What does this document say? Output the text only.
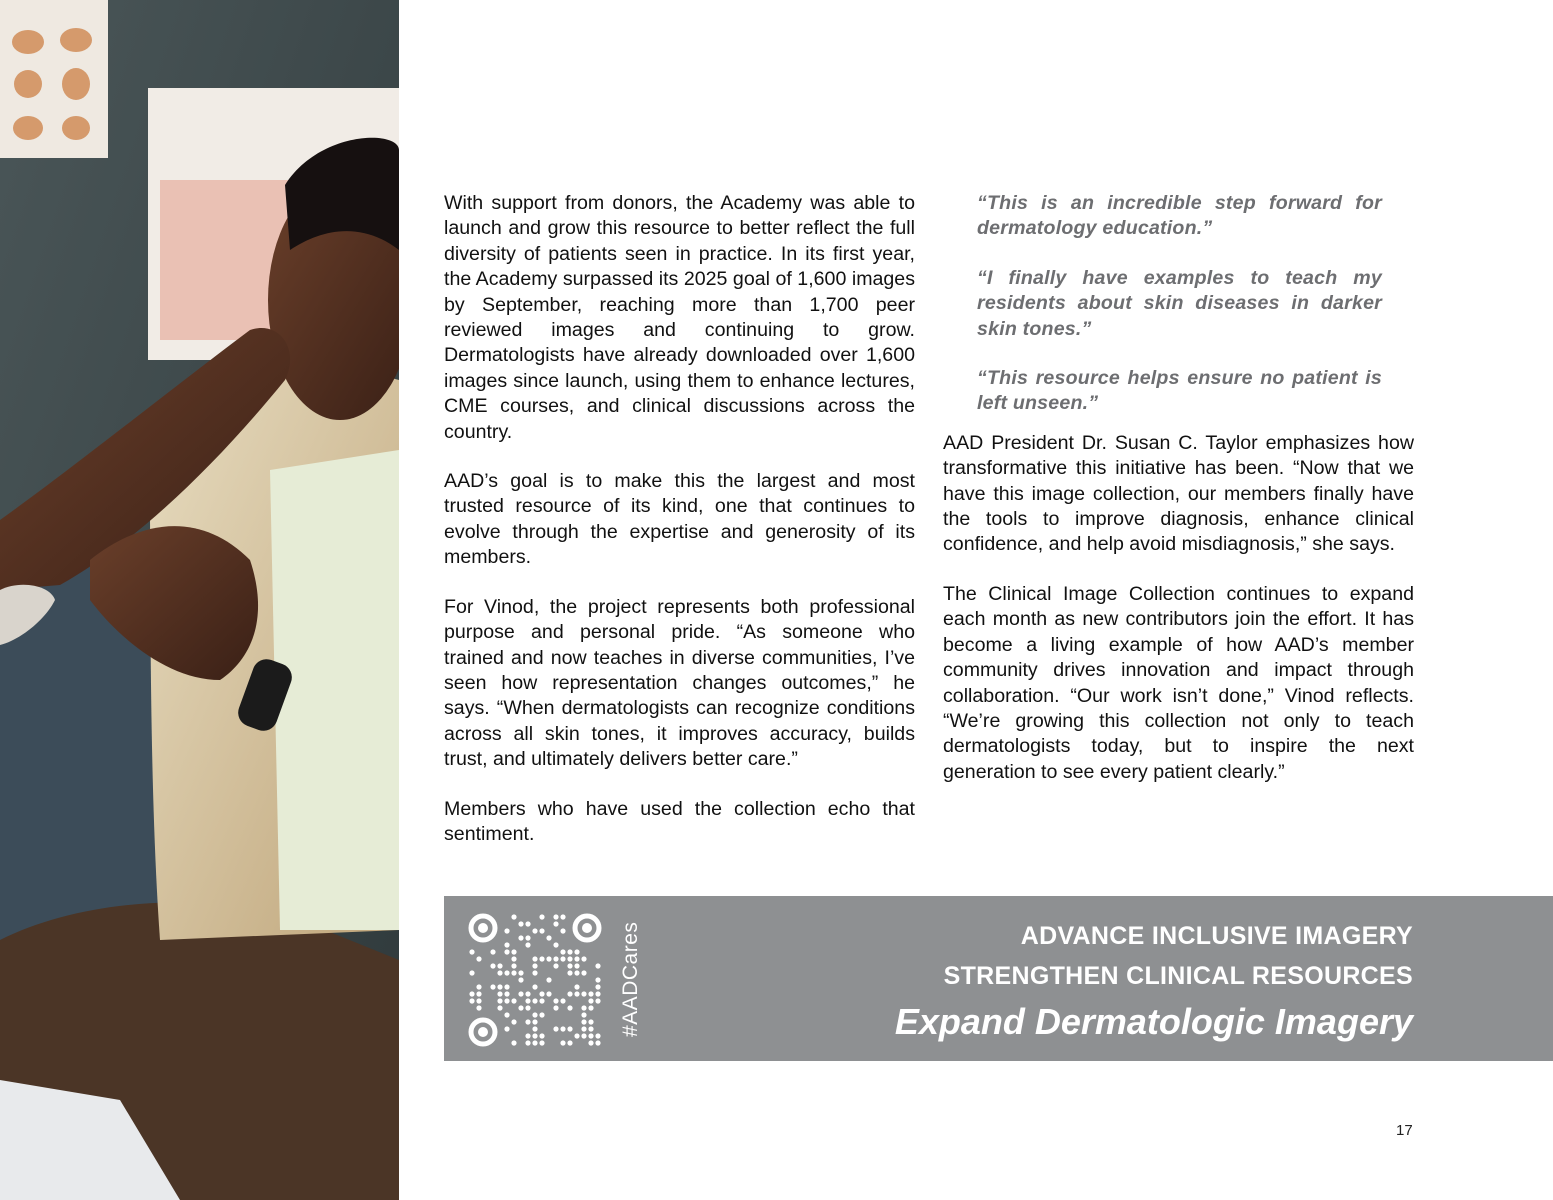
With support from donors, the Academy was able to launch and grow this resource to better reflect the full diversity of patients seen in practice. In its first year, the Academy surpassed its 2025 goal of 1,600 images by September, reaching more than 1,700 peer reviewed images and continuing to grow. Dermatologists have already downloaded over 1,600 images since launch, using them to enhance lectures, CME courses, and clinical discussions across the country.

AAD’s goal is to make this the largest and most trusted resource of its kind, one that continues to evolve through the expertise and generosity of its members.

For Vinod, the project represents both professional purpose and personal pride. “As someone who trained and now teaches in diverse communities, I’ve seen how representation changes outcomes,” he says. “When dermatologists can recognize conditions across all skin tones, it improves accuracy, builds trust, and ultimately delivers better care.”

Members who have used the collection echo that sentiment.

“This is an incredible step forward for dermatology education.”

“I finally have examples to teach my residents about skin diseases in darker skin tones.”

“This resource helps ensure no patient is left unseen.”

AAD President Dr. Susan C. Taylor emphasizes how transformative this initiative has been. “Now that we have this image collection, our members finally have the tools to improve diagnosis, enhance clinical confidence, and help avoid misdiagnosis,” she says.

The Clinical Image Collection continues to expand each month as new contributors join the effort. It has become a living example of how AAD’s member community drives innovation and impact through collaboration. “Our work isn’t done,” Vinod reflects. “We’re growing this collection not only to teach dermatologists today, but to inspire the next generation to see every patient clearly.”

#AADCares	ADVANCE INCLUSIVE IMAGERY
STRENGTHEN CLINICAL RESOURCES
Expand Dermatologic Imagery
17
